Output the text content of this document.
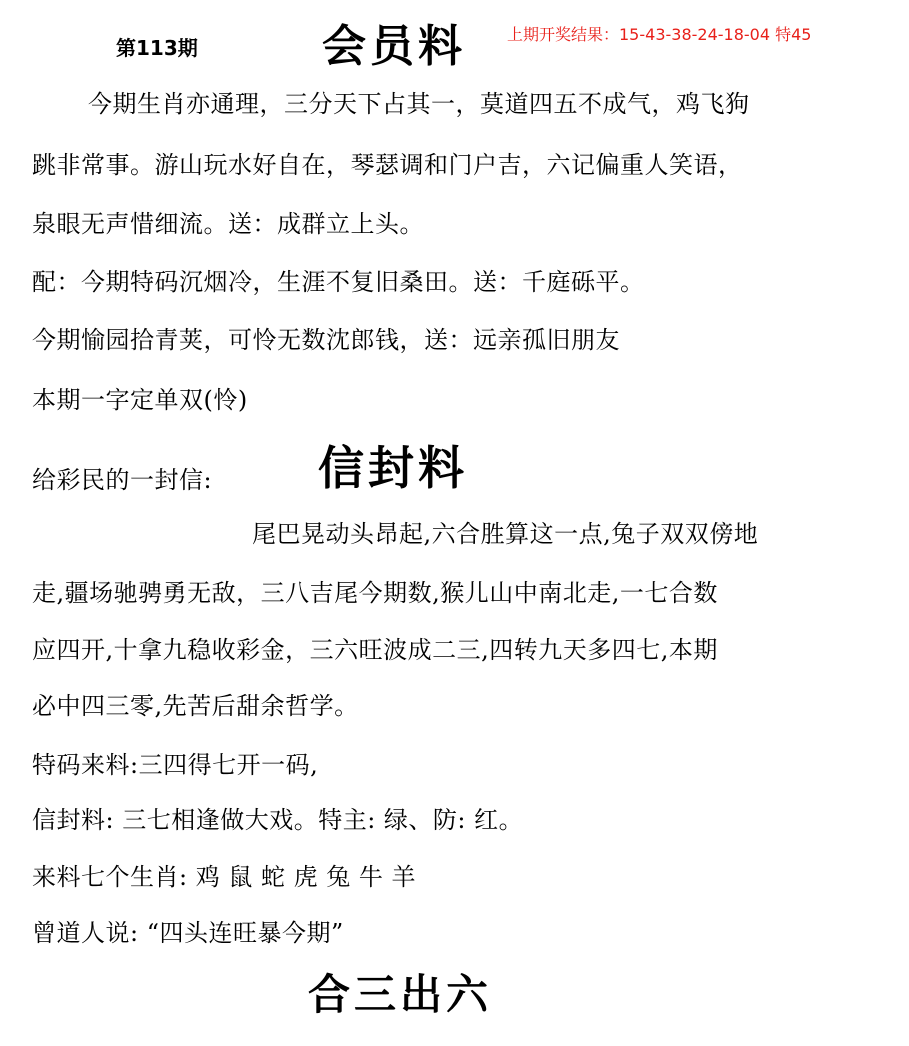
第113期	会员料	上期开奖结果：15-43-38-24-18-04 特45
今期生肖亦通理，三分天下占其一，莫道四五不成气，鸡飞狗
跳非常事。游山玩水好自在，琴瑟调和门户吉，六记偏重人笑语，
泉眼无声惜细流。送：成群立上头。
配：今期特码沉烟冷，生涯不复旧桑田。送：千庭砾平。
今期愉园拾青荚，可怜无数沈郎钱，送：远亲孤旧朋友
本期一字定单双(怜)
给彩民的一封信: 信封料
尾巴晃动头昂起,六合胜算这一点,兔子双双傍地
走,疆场驰骋勇无敌，三八吉尾今期数,猴儿山中南北走,一七合数
应四开,十拿九稳收彩金，三六旺波成二三,四转九天多四七,本期
必中四三零,先苦后甜余哲学。
特码来料:三四得七开一码,
信封料: 三七相逢做大戏。特主: 绿、防: 红。
来料七个生肖: 鸡 鼠 蛇 虎 兔 牛 羊
曾道人说: “四头连旺暴今期”
合三出六
